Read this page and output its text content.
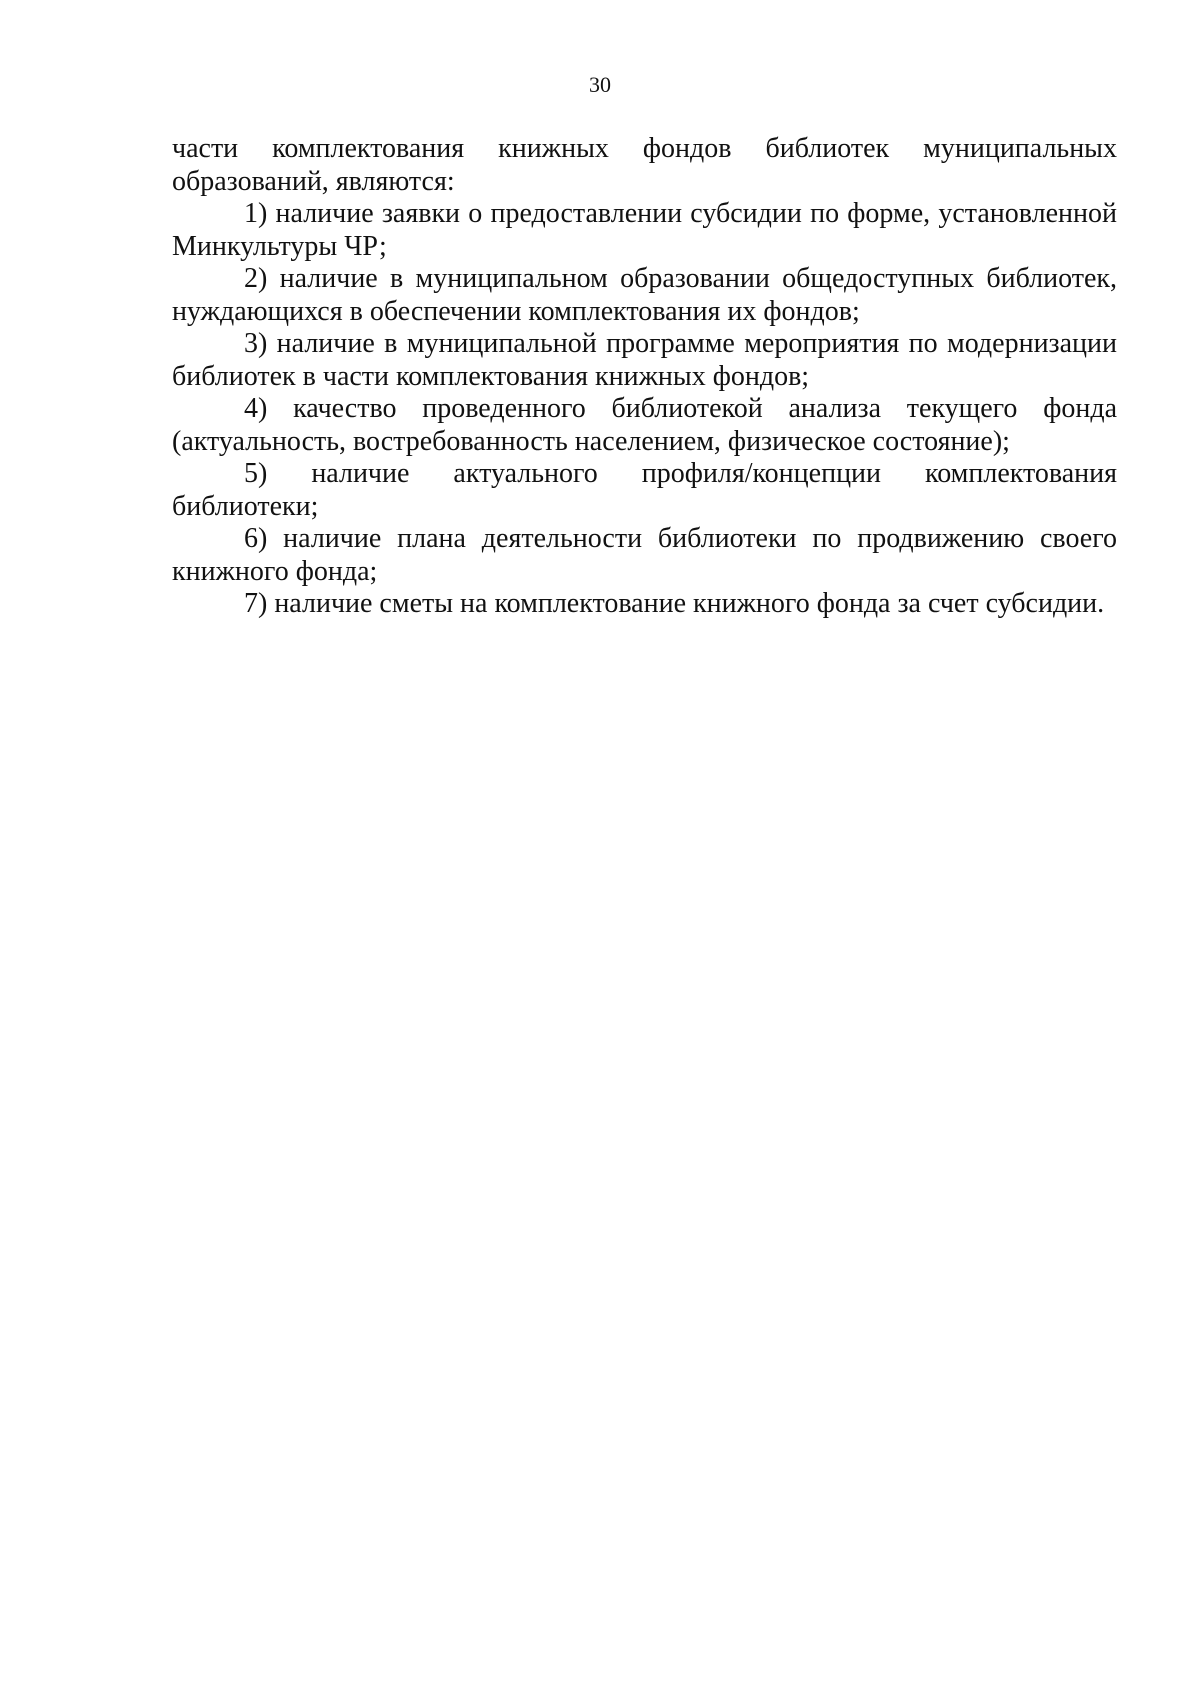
30

части комплектования книжных фондов библиотек муниципальных образований, являются:

1) наличие заявки о предоставлении субсидии по форме, установленной Минкультуры ЧР;

2) наличие в муниципальном образовании общедоступных библиотек, нуждающихся в обеспечении комплектования их фондов;

3) наличие в муниципальной программе мероприятия по модернизации библиотек в части комплектования книжных фондов;

4) качество проведенного библиотекой анализа текущего фонда (актуальность, востребованность населением, физическое состояние);

5) наличие актуального профиля/концепции комплектования библиотеки;

6) наличие плана деятельности библиотеки по продвижению своего книжного фонда;

7) наличие сметы на комплектование книжного фонда за счет субсидии.
